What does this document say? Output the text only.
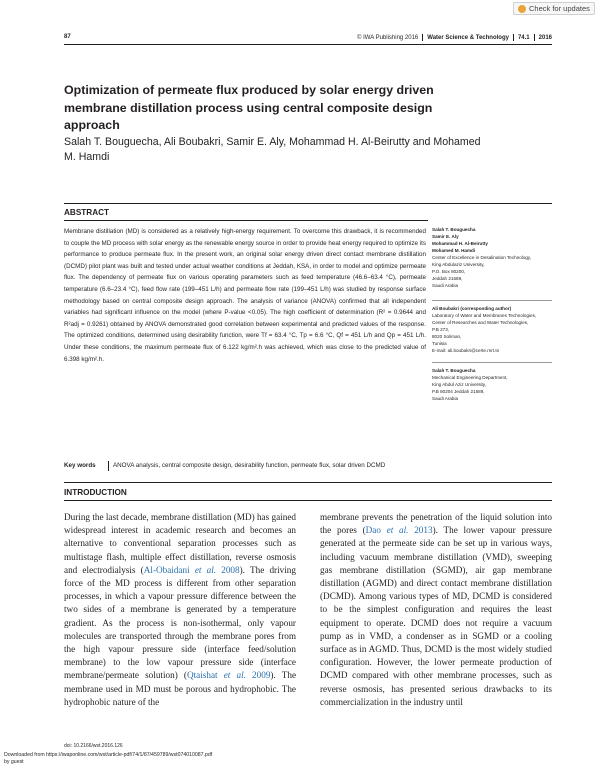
Check for updates
87	© IWA Publishing 2016 Water Science & Technology 74.1 2016
Optimization of permeate flux produced by solar energy driven membrane distillation process using central composite design approach
Salah T. Bouguecha, Ali Boubakri, Samir E. Aly, Mohammad H. Al-Beirutty and Mohamed M. Hamdi
ABSTRACT

Membrane distillation (MD) is considered as a relatively high-energy requirement. To overcome this drawback, it is recommended to couple the MD process with solar energy as the renewable energy source in order to provide heat energy required to optimize its performance to produce permeate flux. In the present work, an original solar energy driven direct contact membrane distillation (DCMD) pilot plant was built and tested under actual weather conditions at Jeddah, KSA, in order to model and optimize permeate flux. The dependency of permeate flux on various operating parameters such as feed temperature (46.6–63.4 °C), permeate temperature (6.6–23.4 °C), feed flow rate (199–451 L/h) and permeate flow rate (199–451 L/h) was studied by response surface methodology based on central composite design approach. The analysis of variance (ANOVA) confirmed that all independent variables had significant influence on the model (where P-value <0.05). The high coefficient of determination (R² = 0.9644 and R²adj = 0.9261) obtained by ANOVA demonstrated good correlation between experimental and predicted values of the response. The optimized conditions, determined using desirability function, were Tf = 63.4 °C, Tp = 6.6 °C, Qf = 451 L/h and Qp = 451 L/h. Under these conditions, the maximum permeate flux of 6.122 kg/m².h was achieved, which was close to the predicted value of 6.398 kg/m².h.

Key words	ANOVA analysis, central composite design, desirability function, permeate flux, solar driven DCMD
Salah T. Bouguecha
Samir E. Aly
Mohammad H. Al-Beirutty
Mohamed M. Hamdi
Center of Excellence in Desalination Technology,
King Abdulaziz University,
P.O. Box 80200,
Jeddah 21589,
Saudi Arabia
Ali Boubakri (corresponding author)
Laboratory of Water and Membranes Technologies,
Center of Researches and Water Technologies,
P.B 273,
8020 Soliman,
Tunisia
E-mail: ali.boubakri@certe.rnrt.tn
Salah T. Bouguecha
Mechanical Engineering Department,
King Abdul Aziz University,
P.B 80204 Jeddah 21589,
Saudi Arabia
INTRODUCTION

During the last decade, membrane distillation (MD) has gained widespread interest in academic research and becomes an alternative to conventional separation processes such as multistage flash, multiple effect distillation, reverse osmosis and electrodialysis (Al-Obaidani et al. 2008). The driving force of the MD process is different from other separation processes, in which a vapour pressure difference between the two sides of a membrane is generated by a temperature gradient. As the process is non-isothermal, only vapour molecules are transported through the membrane pores from the high vapour pressure side (interface feed/solution membrane) to the low vapour pressure side (interface membrane/permeate solution) (Qtaishat et al. 2009). The membrane used in MD must be porous and hydrophobic. The hydrophobic nature of the

membrane prevents the penetration of the liquid solution into the pores (Dao et al. 2013). The lower vapour pressure generated at the permeate side can be set up in various ways, including vacuum membrane distillation (VMD), sweeping gas membrane distillation (SGMD), air gap membrane distillation (AGMD) and direct contact membrane distillation (DCMD). Among various types of MD, DCMD is considered to be the simplest configuration and requires the least equipment to operate. DCMD does not require a vacuum pump as in VMD, a condenser as in SGMD or a cooling surface as in AGMD. Thus, DCMD is the most widely studied configuration. However, the lower permeate production of DCMD compared with other membrane processes, such as reverse osmosis, has presented serious drawbacks to its commercialization in the industry until

doi: 10.2166/wst.2016.126
Downloaded from https://iwaponline.com/wst/article-pdf/74/1/87/459789/wst074010087.pdf
by guest
